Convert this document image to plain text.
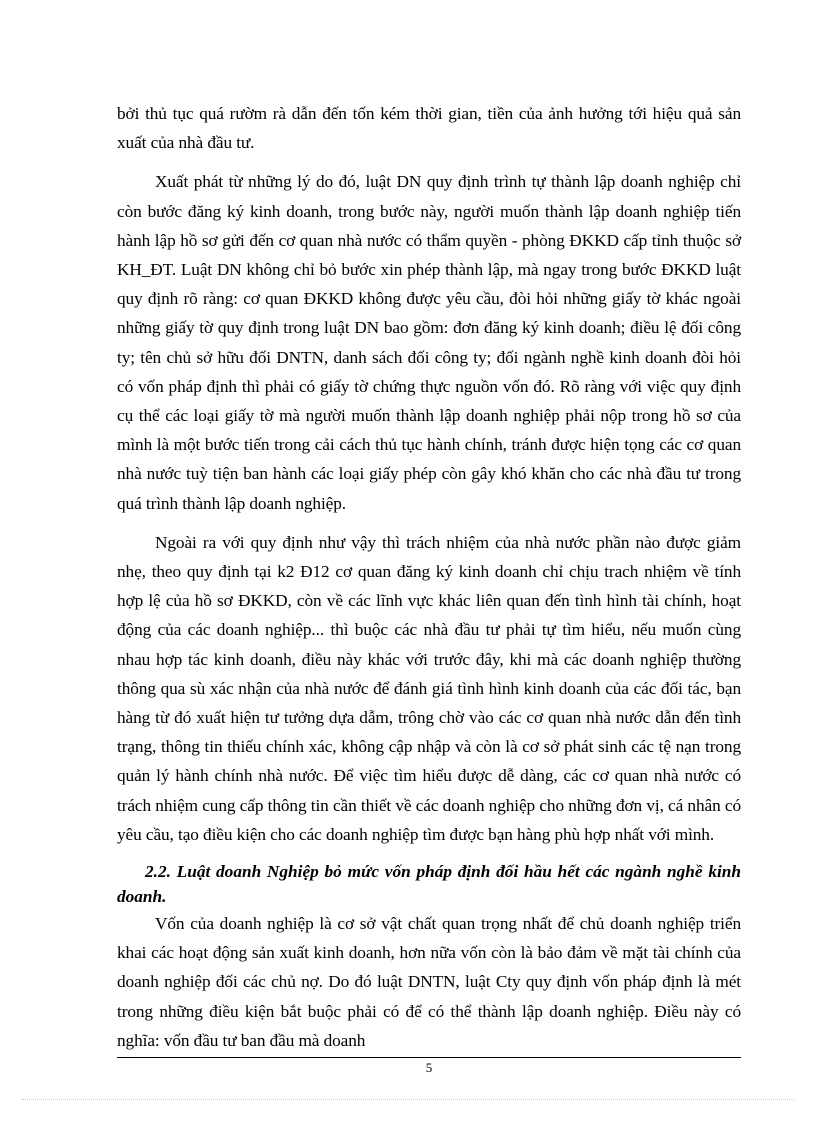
bởi thủ tục quá rườm rà dẫn đến tốn kém thời gian, tiền của ảnh hưởng tới hiệu quả sản xuất của nhà đầu tư.

Xuất phát từ những lý do đó, luật DN quy định trình tự thành lập doanh nghiệp chỉ còn bước đăng ký kinh doanh, trong bước này, người muốn thành lập doanh nghiệp tiến hành lập hồ sơ gửi đến cơ quan nhà nước có thẩm quyền - phòng ĐKKD cấp tỉnh thuộc sở KH_ĐT. Luật DN không chỉ bỏ bước xin phép thành lập, mà ngay trong bước ĐKKD luật quy định rõ ràng: cơ quan ĐKKD không được yêu cầu, đòi hỏi những giấy tờ khác ngoài những giấy tờ quy định trong luật DN bao gồm: đơn đăng ký kinh doanh; điều lệ đối công ty; tên chủ sở hữu đối DNTN, danh sách đối công ty; đối ngành nghề kinh doanh đòi hỏi có vốn pháp định thì phải có giấy tờ chứng thực nguồn vốn đó. Rõ ràng với việc quy định cụ thể các loại giấy tờ mà người muốn thành lập doanh nghiệp phải nộp trong hồ sơ của mình là một bước tiến trong cải cách thủ tục hành chính, tránh được hiện tọng các cơ quan nhà nước tuỳ tiện ban hành các loại giấy phép còn gây khó khăn cho các nhà đầu tư trong quá trình thành lập doanh nghiệp.

Ngoài ra với quy định như vậy thì trách nhiệm của nhà nước phần nào được giảm nhẹ, theo quy định tại k2 Đ12 cơ quan đăng ký kinh doanh chỉ chịu trach nhiệm về tính hợp lệ của hồ sơ ĐKKD, còn về các lĩnh vực khác liên quan đến tình hình tài chính, hoạt động của các doanh nghiệp... thì buộc các nhà đầu tư phải tự tìm hiểu, nếu muốn cùng nhau hợp tác kinh doanh, điều này khác với trước đây, khi mà các doanh nghiệp thường thông qua sù xác nhận của nhà nước để đánh giá tình hình kinh doanh của các đối tác, bạn hàng từ đó xuất hiện tư tưởng dựa dẫm, trông chờ vào các cơ quan nhà nước dẫn đến tình trạng, thông tin thiếu chính xác, không cập nhập và còn là cơ sở phát sinh các tệ nạn trong quản lý hành chính nhà nước. Để việc tìm hiểu được dễ dàng, các cơ quan nhà nước có trách nhiệm cung cấp thông tin cần thiết về các doanh nghiệp cho những đơn vị, cá nhân có yêu cầu, tạo điều kiện cho các doanh nghiệp tìm được bạn hàng phù hợp nhất với mình.

2.2. Luật doanh Nghiệp bỏ mức vốn pháp định đối hầu hết các ngành nghề kinh doanh.

Vốn của doanh nghiệp là cơ sở vật chất quan trọng nhất để chủ doanh nghiệp triển khai các hoạt động sản xuất kinh doanh, hơn nữa vốn còn là bảo đảm về mặt tài chính của doanh nghiệp đối các chủ nợ. Do đó luật DNTN, luật Cty quy định vốn pháp định là mét trong những điều kiện bắt buộc phải có để có thể thành lập doanh nghiệp. Điều này có nghĩa: vốn đầu tư ban đầu mà doanh

5
